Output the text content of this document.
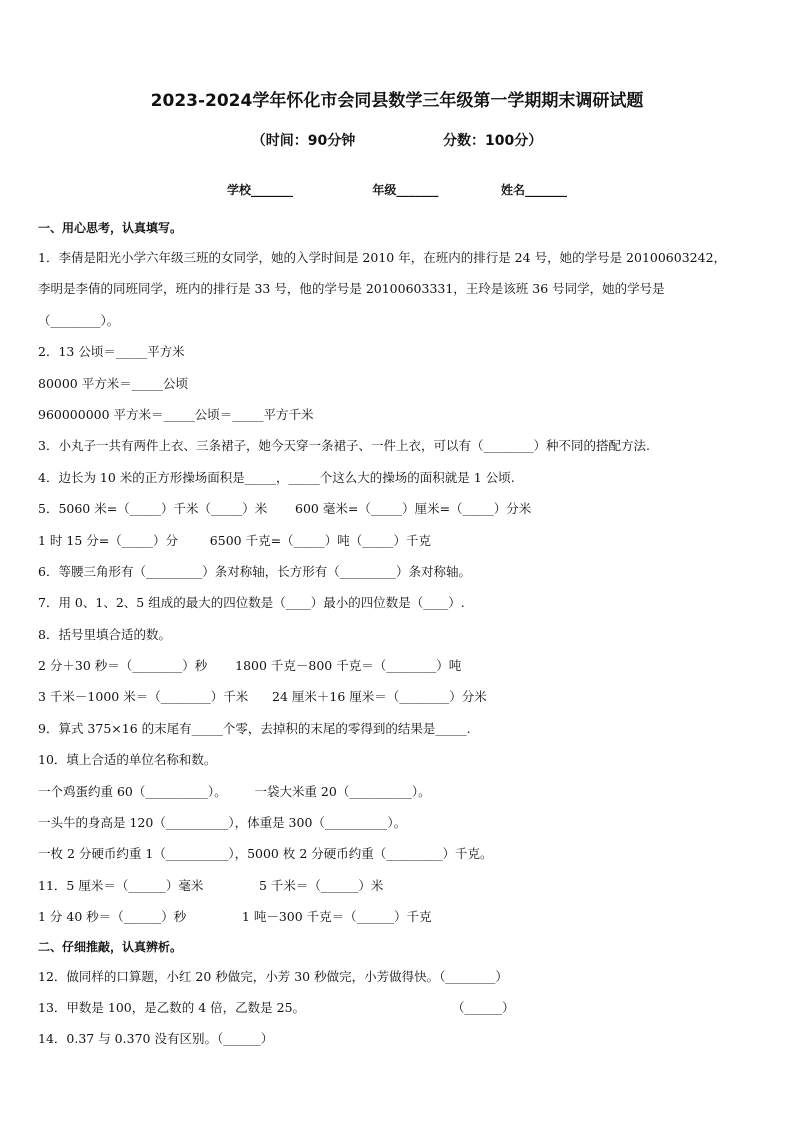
2023-2024学年怀化市会同县数学三年级第一学期期末调研试题
（时间：90分钟                  分数：100分）
学校_______                   年级_______               姓名_______
一、用心思考，认真填写。
1．李倩是阳光小学六年级三班的女同学，她的入学时间是 2010 年，在班内的排行是 24 号，她的学号是 20100603242，
李明是李倩的同班同学，班内的排行是 33 号，他的学号是 20100603331，王玲是该班 36 号同学，她的学号是
（________）。
2．13 公顷＝_____平方米
80000 平方米＝_____公顷
960000000 平方米＝_____公顷＝_____平方千米
3．小丸子一共有两件上衣、三条裙子，她今天穿一条裙子、一件上衣，可以有（________）种不同的搭配方法.
4．边长为 10 米的正方形操场面积是_____，_____个这么大的操场的面积就是 1 公顷.
5．5060 米=（_____）千米（_____）米       600 毫米=（_____）厘米=（_____）分米
1 时 15 分=（_____）分        6500 千克=（_____）吨（_____）千克
6．等腰三角形有（_________）条对称轴，长方形有（_________）条对称轴。
7．用 0、1、2、5 组成的最大的四位数是（____）最小的四位数是（____）.
8．括号里填合适的数。
2 分＋30 秒＝（________）秒       1800 千克－800 千克＝（________）吨
3 千米－1000 米＝（________）千米      24 厘米＋16 厘米＝（________）分米
9．算式 375×16 的末尾有_____个零，去掉积的末尾的零得到的结果是_____.
10．填上合适的单位名称和数。
一个鸡蛋约重 60（__________）。       一袋大米重 20（__________）。
一头牛的身高是 120（__________），体重是 300（__________）。
一枚 2 分硬币约重 1（__________），5000 枚 2 分硬币约重（_________）千克。
11．5 厘米＝（______）毫米              5 千米＝（______）米
1 分 40 秒＝（______）秒              1 吨－300 千克＝（______）千克
二、仔细推敲，认真辨析。
12．做同样的口算题，小红 20 秒做完，小芳 30 秒做完，小芳做得快。（________）
13．甲数是 100，是乙数的 4 倍，乙数是 25。                                     （______）
14．0.37 与 0.370 没有区别。（______）
